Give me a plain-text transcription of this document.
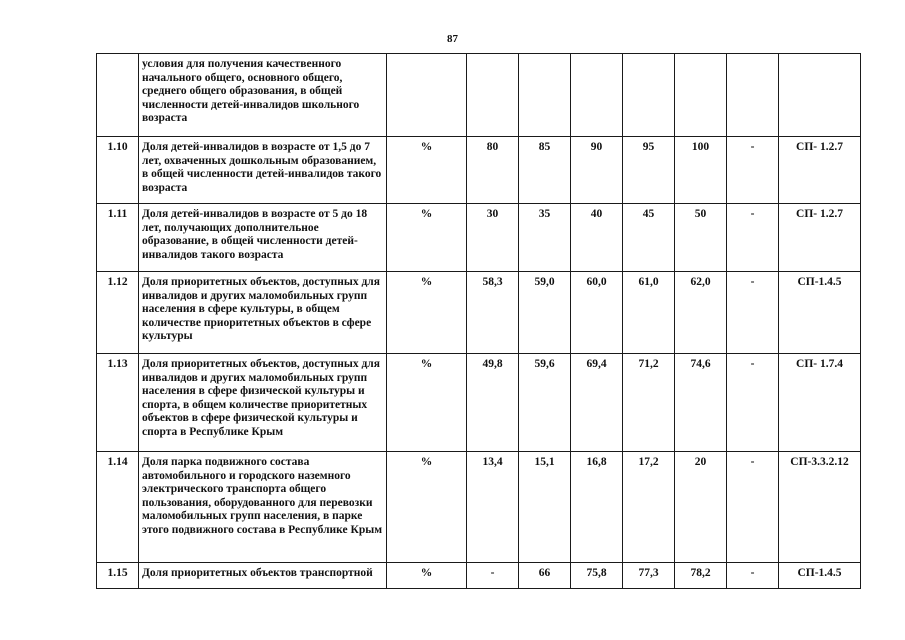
87
	условия для получения качественного начального общего, основного общего, среднего общего образования, в общей численности детей-инвалидов школьного возраста								
1.10	Доля детей-инвалидов в возрасте от 1,5 до 7 лет, охваченных дошкольным образованием, в общей численности детей-инвалидов такого возраста	%	80	85	90	95	100	-	СП- 1.2.7
1.11	Доля детей-инвалидов в возрасте от 5 до 18 лет, получающих дополнительное образование, в общей численности детей-инвалидов такого возраста	%	30	35	40	45	50	-	СП- 1.2.7
1.12	Доля приоритетных объектов, доступных для инвалидов и других маломобильных групп населения в сфере культуры, в общем количестве приоритетных объектов в сфере культуры	%	58,3	59,0	60,0	61,0	62,0	-	СП-1.4.5
1.13	Доля приоритетных объектов, доступных для инвалидов и других маломобильных групп населения в сфере физической культуры и спорта, в общем количестве приоритетных объектов в сфере физической культуры и спорта в Республике Крым	%	49,8	59,6	69,4	71,2	74,6	-	СП- 1.7.4
1.14	Доля парка подвижного состава автомобильного и городского наземного электрического транспорта общего пользования, оборудованного для перевозки маломобильных групп населения, в парке этого подвижного состава в Республике Крым	%	13,4	15,1	16,8	17,2	20	-	СП-3.3.2.12
1.15	Доля приоритетных объектов транспортной	%	-	66	75,8	77,3	78,2	-	СП-1.4.5
